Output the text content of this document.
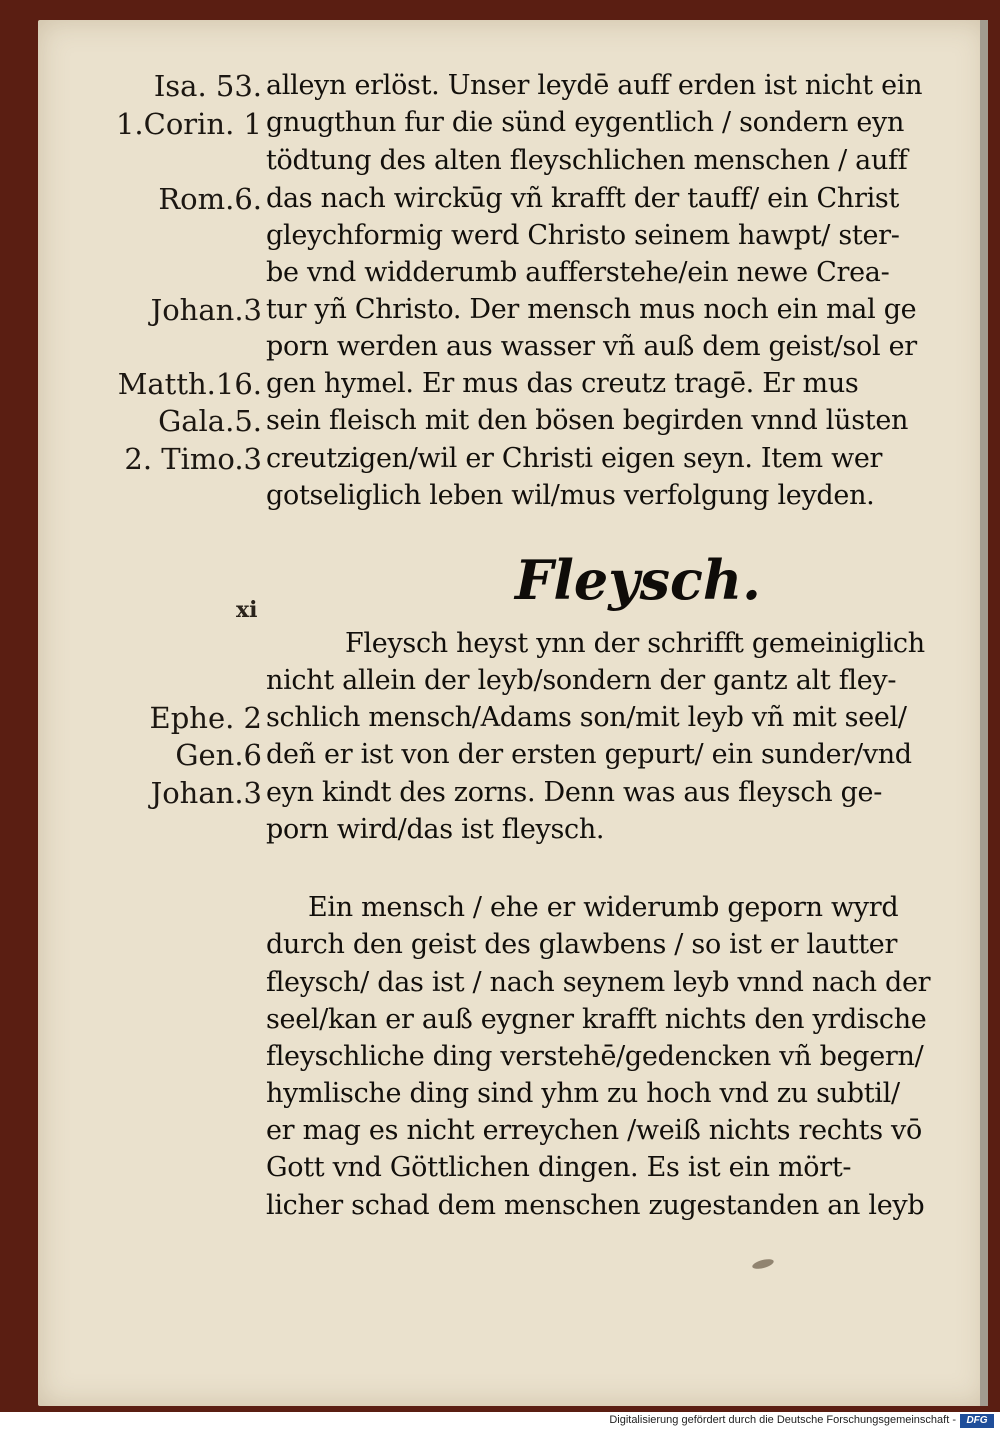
Isa. 53.
1.Corin. 1
Rom.6.
Johan.3
Matth.16.
Gala.5.
2. Timo.3
Ephe. 2
Gen.6
Johan.3
alleyn erlöst. Unser leydē auff erden ist nicht ein
gnugthun fur die sünd eygentlich / sondern eyn
tödtung des alten fleyschlichen menschen / auff
das nach wirckūg vñ krafft der tauff/ ein Christ
gleychformig werd Christo seinem hawpt/ ster-
be vnd widderumb aufferstehe/ein newe Crea-
tur yñ Christo. Der mensch mus noch ein mal ge
porn werden aus wasser vñ auß dem geist/sol er
gen hymel. Er mus das creutz tragē. Er mus
sein fleisch mit den bösen begirden vnnd lüsten
creutzigen/wil er Christi eigen seyn. Item wer
gotseliglich leben wil/mus verfolgung leyden.
Fleysch.
xi
Fleysch heyst ynn der schrifft gemeiniglich
nicht allein der leyb/sondern der gantz alt fley-
schlich mensch/Adams son/mit leyb vñ mit seel/
deñ er ist von der ersten gepurt/ ein sunder/vnd
eyn kindt des zorns. Denn was aus fleysch ge-
porn wird/das ist fleysch.
Ein mensch / ehe er widerumb geporn wyrd
durch den geist des glawbens / so ist er lautter
fleysch/ das ist / nach seynem leyb vnnd nach der
seel/kan er auß eygner krafft nichts den yrdische
fleyschliche ding verstehē/gedencken vñ begern/
hymlische ding sind yhm zu hoch vnd zu subtil/
er mag es nicht erreychen /weiß nichts rechts vō
Gott vnd Göttlichen dingen. Es ist ein mört-
licher schad dem menschen zugestanden an leyb
Digitalisierung gefördert durch die Deutsche Forschungsgemeinschaft -	DFG
